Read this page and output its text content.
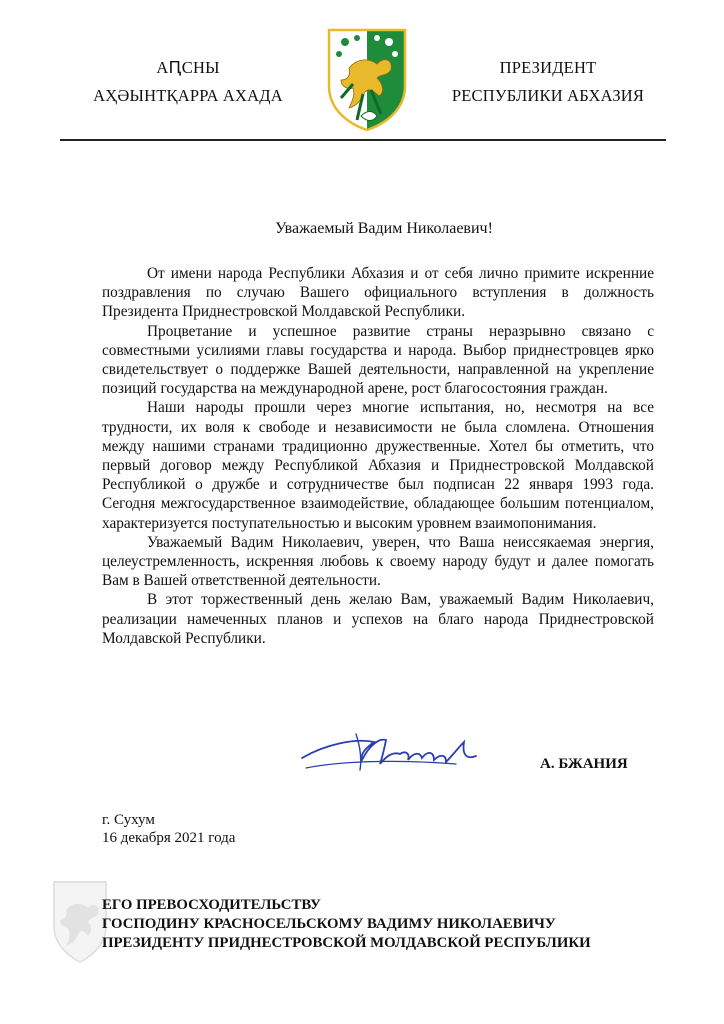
АԤСНЫ
АҲӘЫНТҚАРРА АХАДА
ПРЕЗИДЕНТ
РЕСПУБЛИКИ АБХАЗИЯ
Уважаемый Вадим Николаевич!

От имени народа Республики Абхазия и от себя лично примите искренние поздравления по случаю Вашего официального вступления в должность Президента Приднестровской Молдавской Республики.

Процветание и успешное развитие страны неразрывно связано с совместными усилиями главы государства и народа. Выбор приднестровцев ярко свидетельствует о поддержке Вашей деятельности, направленной на укрепление позиций государства на международной арене, рост благосостояния граждан.

Наши народы прошли через многие испытания, но, несмотря на все трудности, их воля к свободе и независимости не была сломлена. Отношения между нашими странами традиционно дружественные. Хотел бы отметить, что первый договор между Республикой Абхазия и Приднестровской Молдавской Республикой о дружбе и сотрудничестве был подписан 22 января 1993 года. Сегодня межгосударственное взаимодействие, обладающее большим потенциалом, характеризуется поступательностью и высоким уровнем взаимопонимания.

Уважаемый Вадим Николаевич, уверен, что Ваша неиссякаемая энергия, целеустремленность, искренняя любовь к своему народу будут и далее помогать Вам в Вашей ответственной деятельности.

В этот торжественный день желаю Вам, уважаемый Вадим Николаевич, реализации намеченных планов и успехов на благо народа Приднестровской Молдавской Республики.

А. БЖАНИЯ
г. Сухум
16 декабря 2021 года
ЕГО ПРЕВОСХОДИТЕЛЬСТВУ
ГОСПОДИНУ КРАСНОСЕЛЬСКОМУ ВАДИМУ НИКОЛАЕВИЧУ
ПРЕЗИДЕНТУ ПРИДНЕСТРОВСКОЙ МОЛДАВСКОЙ РЕСПУБЛИКИ
